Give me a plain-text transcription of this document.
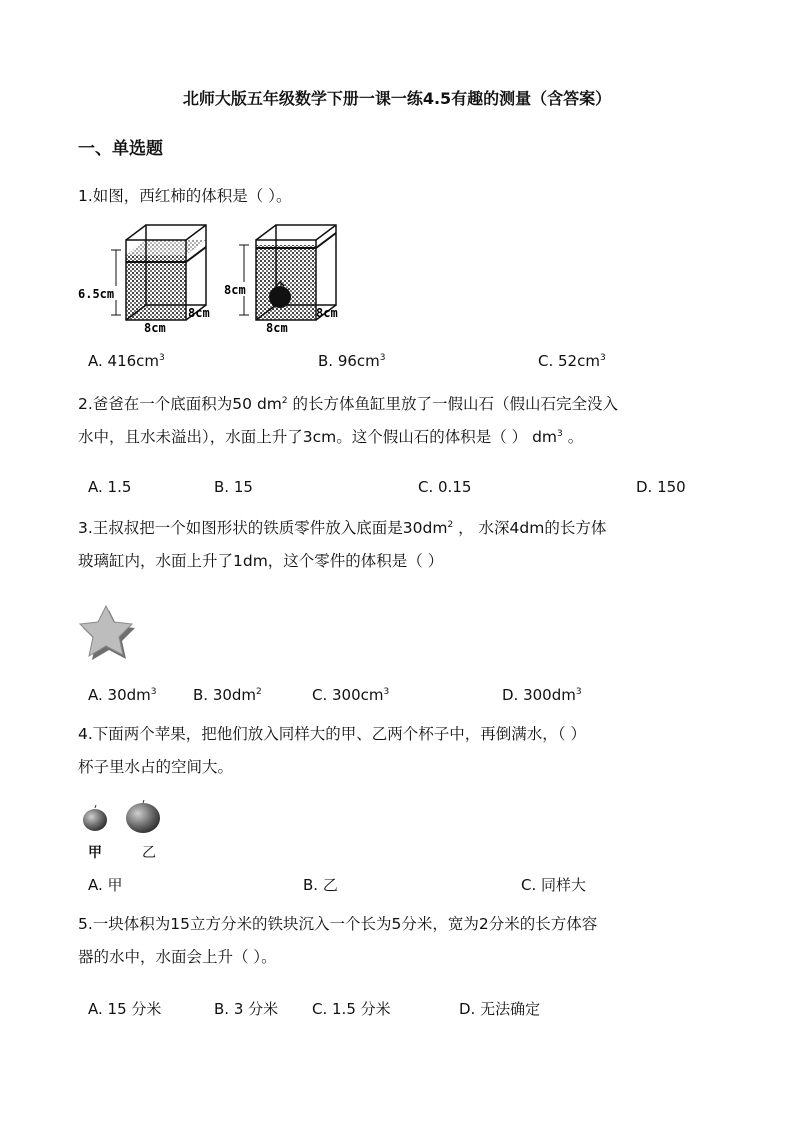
北师大版五年级数学下册一课一练4.5有趣的测量（含答案）
一、单选题
1.如图，西红柿的体积是（ ）。
6.5cm
8cm
8cm
8cm
8cm
8cm
A. $416cm^3$	B. $96cm^3$	C. $52cm^3$
2.爸爸在一个底面积为50 $dm^2$ 的长方体鱼缸里放了一假山石（假山石完全没入
水中，且水未溢出），水面上升了3cm。这个假山石的体积是（ ） $dm^3$ 。
A. 1.5	B. 15	C. 0.15	D. 150
3.王叔叔把一个如图形状的铁质零件放入底面是$30dm^2$ ， 水深4dm的长方体
玻璃缸内，水面上升了1dm，这个零件的体积是（ ）
A. $30dm^3$ B. $30dm^2$	C. $300cm^3$	D. $300dm^3$
4.下面两个苹果，把他们放入同样大的甲、乙两个杯子中，再倒满水，（ ）
杯子里水占的空间大。
甲	乙
A. 甲	B. 乙	C. 同样大
5.一块体积为15立方分米的铁块沉入一个长为5分米，宽为2分米的长方体容
器的水中，水面会上升（ ）。
A. 15 分米	B. 3 分米 C. 1.5 分米	D. 无法确定
